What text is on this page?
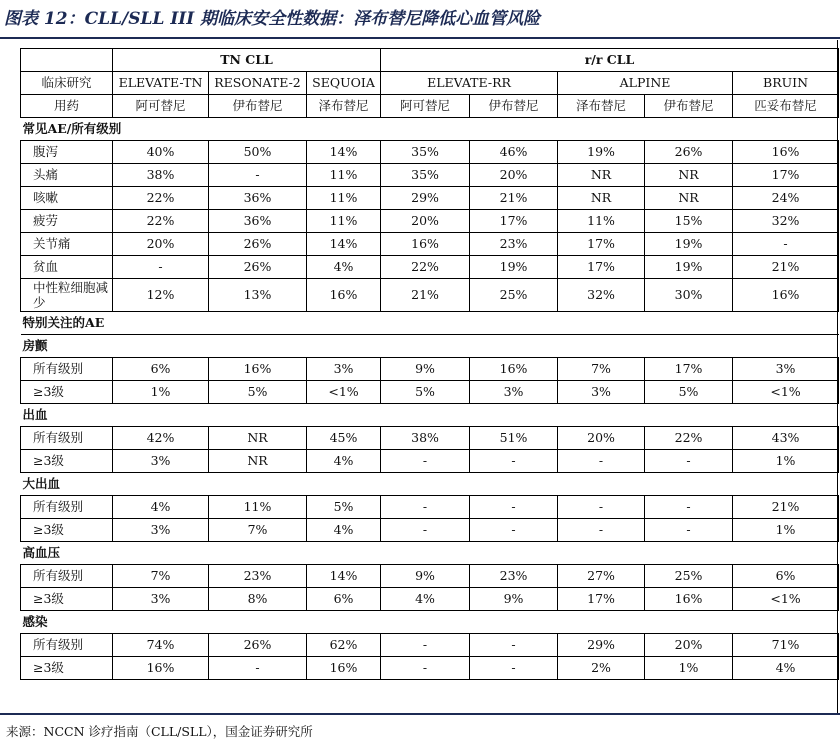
图表 12：CLL/SLL III 期临床安全性数据：泽布替尼降低心血管风险
	TN CLL			r/r CLL				
临床研究	ELEVATE-TN	RESONATE-2	SEQUOIA	ELEVATE-RR		ALPINE		BRUIN
用药	阿可替尼	伊布替尼	泽布替尼	阿可替尼	伊布替尼	泽布替尼	伊布替尼	匹妥布替尼
常见AE/所有级别								
腹泻	40%	50%	14%	35%	46%	19%	26%	16%
头痛	38%	-	11%	35%	20%	NR	NR	17%
咳嗽	22%	36%	11%	29%	21%	NR	NR	24%
疲劳	22%	36%	11%	20%	17%	11%	15%	32%
关节痛	20%	26%	14%	16%	23%	17%	19%	-
贫血	-	26%	4%	22%	19%	17%	19%	21%
中性粒细胞减少	12%	13%	16%	21%	25%	32%	30%	16%
特别关注的AE								
房颤								
所有级别	6%	16%	3%	9%	16%	7%	17%	3%
≥3级	1%	5%	<1%	5%	3%	3%	5%	<1%
出血								
所有级别	42%	NR	45%	38%	51%	20%	22%	43%
≥3级	3%	NR	4%	-	-	-	-	1%
大出血								
所有级别	4%	11%	5%	-	-	-	-	21%
≥3级	3%	7%	4%	-	-	-	-	1%
高血压								
所有级别	7%	23%	14%	9%	23%	27%	25%	6%
≥3级	3%	8%	6%	4%	9%	17%	16%	<1%
感染								
所有级别	74%	26%	62%	-	-	29%	20%	71%
≥3级	16%	-	16%	-	-	2%	1%	4%
来源：NCCN 诊疗指南（CLL/SLL），国金证券研究所
